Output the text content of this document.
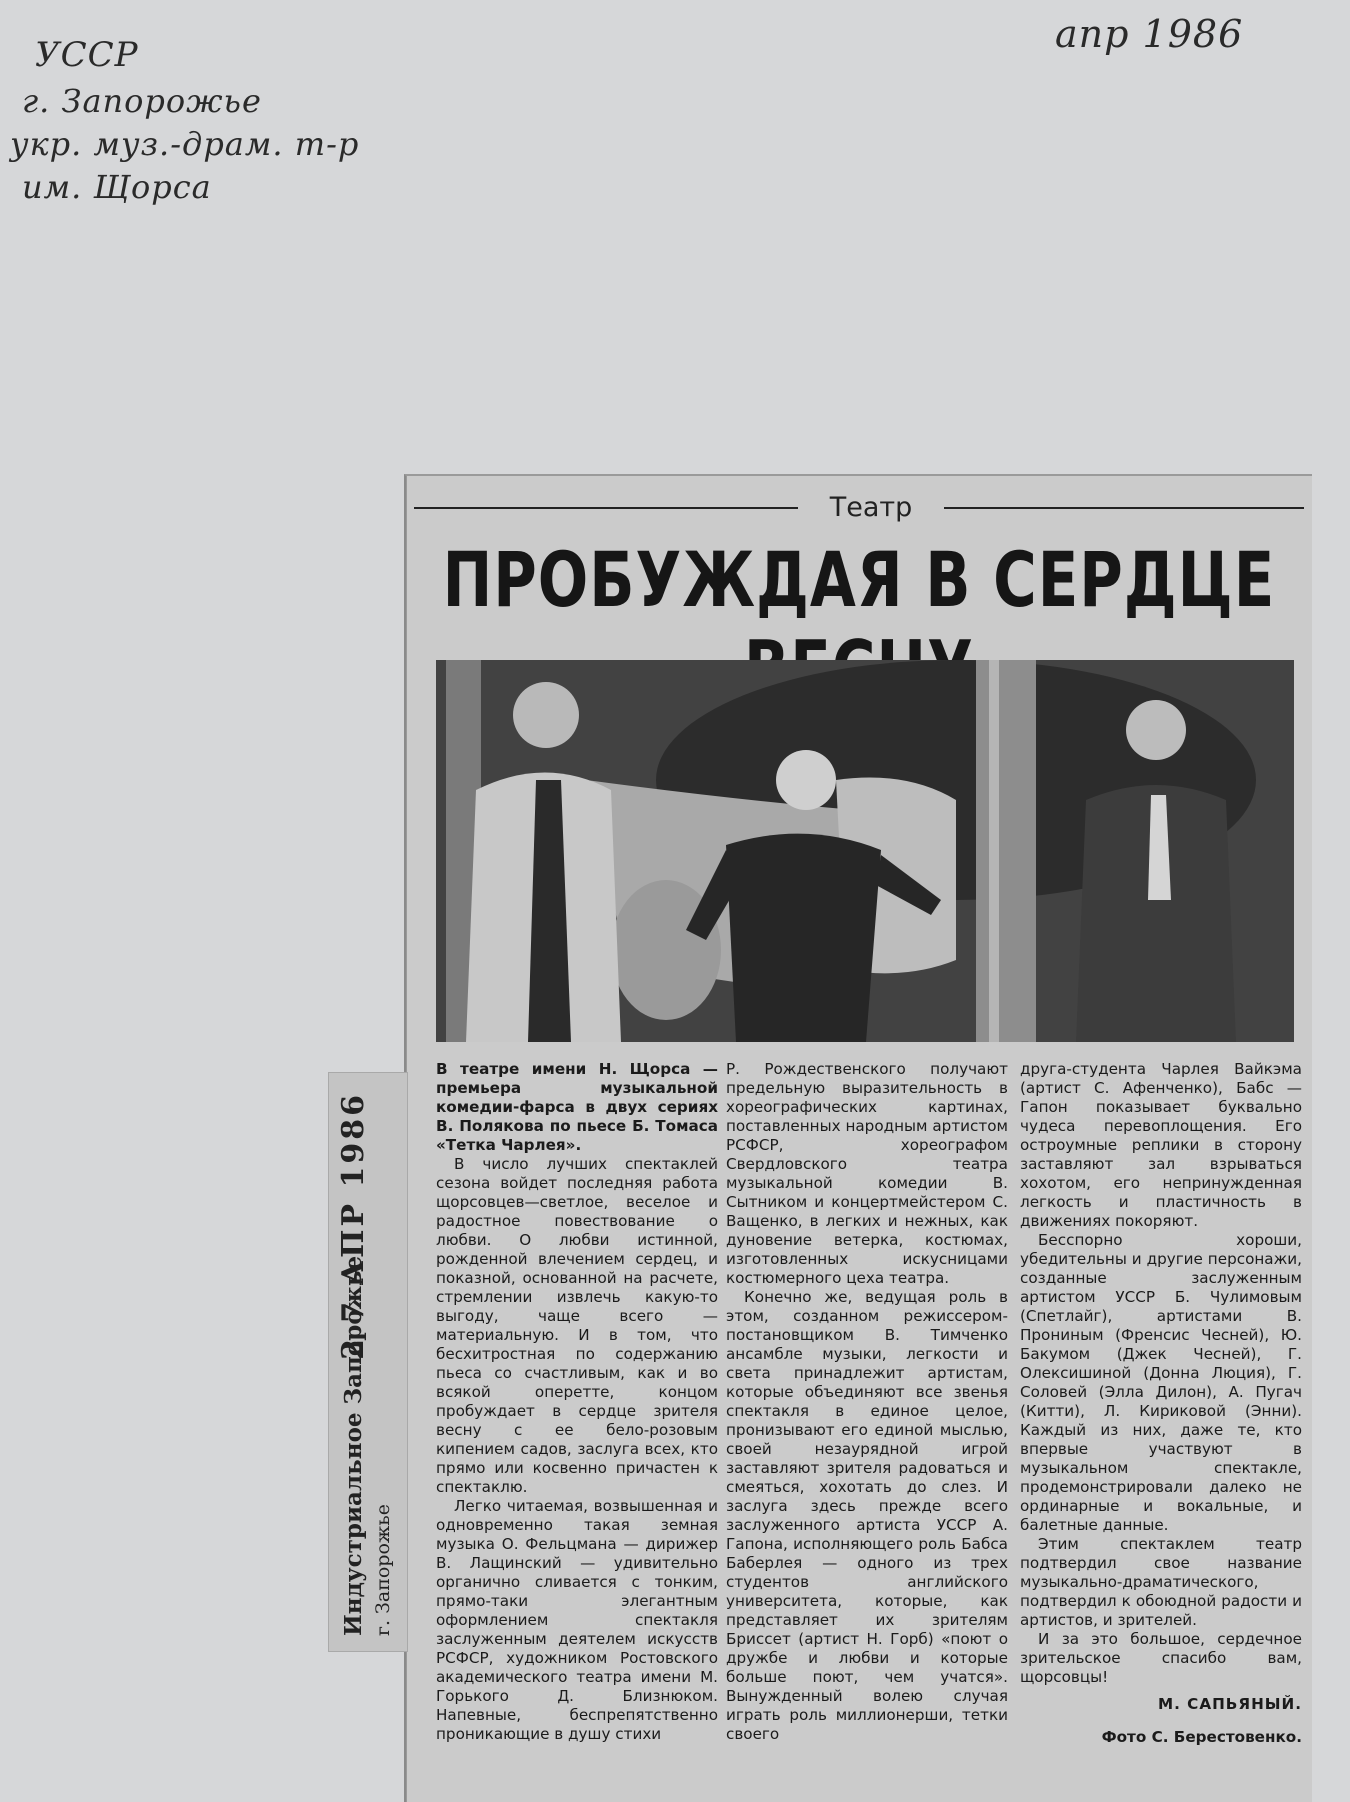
УССР
г. Запорожье
укр. муз.-драм. т-р
им. Щорса
апр 1986
Театр
ПРОБУЖДАЯ В СЕРДЦЕ

В театре имени Н. Щорса — премьера музыкальной комедии-фарса в двух сериях В. Полякова по пьесе Б. Томаса «Тетка Чарлея».

В число лучших спектаклей сезона войдет последняя работа щорсовцев—светлое, веселое и радостное повествование о любви. О любви истинной, рожденной влечением сердец, и показной, основанной на расчете, стремлении извлечь какую-то выгоду, чаще всего — материальную. И в том, что бесхитростная по содержанию пьеса со счастливым, как и во всякой оперетте, концом пробуждает в сердце зрителя весну с ее бело-розовым кипением садов, заслуга всех, кто прямо или косвенно причастен к спектаклю.

Легко читаемая, возвышенная и одновременно такая земная музыка О. Фельцмана — дирижер В. Лащинский — удивительно органично сливается с тонким, прямо-таки элегантным оформлением спектакля заслуженным деятелем искусств РСФСР, художником Ростовского академического театра имени М. Горького Д. Близнюком. Напевные, беспрепятственно проникающие в душу стихи

Р. Рождественского получают предельную выразительность в хореографических картинах, поставленных народным артистом РСФСР, хореографом Свердловского театра музыкальной комедии В. Сытником и концертмейстером С. Ващенко, в легких и нежных, как дуновение ветерка, костюмах, изготовленных искусницами костюмерного цеха театра.

Конечно же, ведущая роль в этом, созданном режиссером-постановщиком В. Тимченко ансамбле музыки, легкости и света принадлежит артистам, которые объединяют все звенья спектакля в единое целое, пронизывают его единой мыслью, своей незаурядной игрой заставляют зрителя радоваться и смеяться, хохотать до слез. И заслуга здесь прежде всего заслуженного артиста УССР А. Гапона, исполняющего роль Бабса Баберлея — одного из трех студентов английского университета, которые, как представляет их зрителям Бриссет (артист Н. Горб) «поют о дружбе и любви и которые больше поют, чем учатся». Вынужденный волею случая играть роль миллионерши, тетки своего

друга-студента Чарлея Вайкэма (артист С. Афенченко), Бабс — Гапон показывает буквально чудеса перевоплощения. Его остроумные реплики в сторону заставляют зал взрываться хохотом, его непринужденная легкость и пластичность в движениях покоряют.

Бесспорно хороши, убедительны и другие персонажи, созданные заслуженным артистом УССР Б. Чулимовым (Спетлайг), артистами В. Прониным (Френсис Чесней), Ю. Бакумом (Джек Чесней), Г. Олексишиной (Донна Люция), Г. Соловей (Элла Дилон), А. Пугач (Китти), Л. Кириковой (Энни). Каждый из них, даже те, кто впервые участвуют в музыкальном спектакле, продемонстрировали далеко не ординарные и вокальные, и балетные данные.

Этим спектаклем театр подтвердил свое название музыкально-драматического, подтвердил к обоюдной радости и артистов, и зрителей.

И за это большое, сердечное зрительское спасибо вам, щорсовцы!

М. САПЬЯНЫЙ.
Фото С. Берестовенко.
Индустриальное Запорожье г. Запорожье
2 7 АПР 1986
